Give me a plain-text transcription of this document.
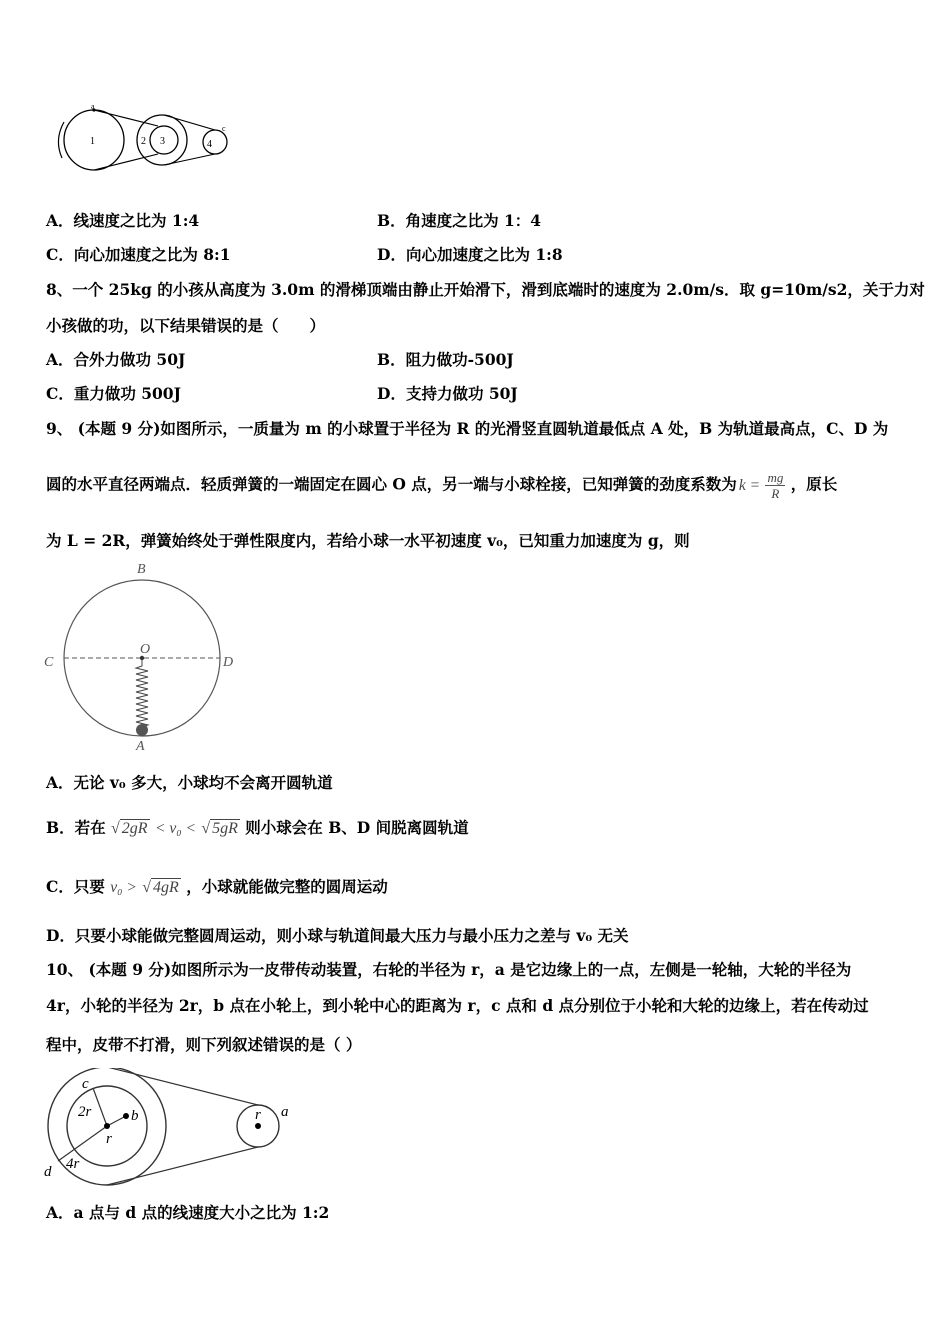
a
1	2 3	4
c
A．线速度之比为 1:4	B．角速度之比为 1：4
C．向心加速度之比为 8:1	D．向心加速度之比为 1:8
8、一个 25kg 的小孩从高度为 3.0m 的滑梯顶端由静止开始滑下，滑到底端时的速度为 2.0m/s．取 g=10m/s2，关于力对
小孩做的功，以下结果错误的是（　　）
A．合外力做功 50J	B．阻力做功-500J
C．重力做功 500J	D．支持力做功 50J
9、 (本题 9 分)如图所示，一质量为 m 的小球置于半径为 R 的光滑竖直圆轨道最低点 A 处，B 为轨道最高点，C、D 为
圆的水平直径两端点．轻质弹簧的一端固定在圆心 O 点，另一端与小球栓接，已知弹簧的劲度系数为 $k = \frac{mg}{R}$ ，原长
为 L = 2R，弹簧始终处于弹性限度内，若给小球一水平初速度 v₀，已知重力加速度为 g，则
B
O
C	D
A
A．无论 v₀ 多大，小球均不会离开圆轨道
B．若在 √ 2gR < v₀ < √ 5gR 则小球会在 B、D 间脱离圆轨道
C．只要 v₀ > √ 4gR ，小球就能做完整的圆周运动
D．只要小球能做完整圆周运动，则小球与轨道间最大压力与最小压力之差与 v₀ 无关
10、 (本题 9 分)如图所示为一皮带传动装置，右轮的半径为 r，a 是它边缘上的一点，左侧是一轮轴，大轮的半径为
4r，小轮的半径为 2r，b 点在小轮上，到小轮中心的距离为 r，c 点和 d 点分别位于小轮和大轮的边缘上，若在传动过
程中，皮带不打滑，则下列叙述错误的是（ ）
c
2r	b
r
d 4r
r a
A．a 点与 d 点的线速度大小之比为 1:2
